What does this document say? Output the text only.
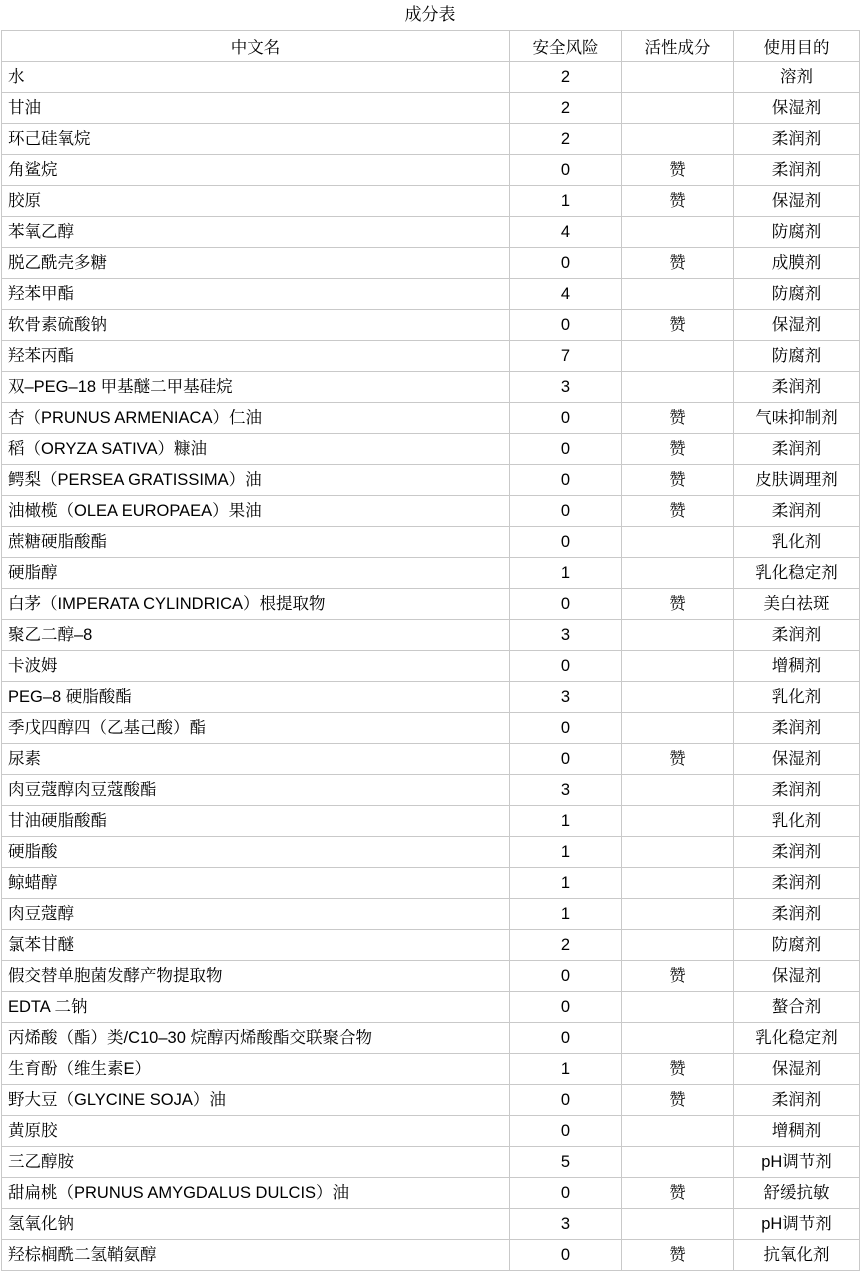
成分表
中文名	安全风险	活性成分	使用目的
水	2		溶剂
甘油	2		保湿剂
环己硅氧烷	2		柔润剂
角鲨烷	0	赞	柔润剂
胶原	1	赞	保湿剂
苯氧乙醇	4		防腐剂
脱乙酰壳多糖	0	赞	成膜剂
羟苯甲酯	4		防腐剂
软骨素硫酸钠	0	赞	保湿剂
羟苯丙酯	7		防腐剂
双–PEG–18 甲基醚二甲基硅烷	3		柔润剂
杏（PRUNUS ARMENIACA）仁油	0	赞	气味抑制剂
稻（ORYZA SATIVA）糠油	0	赞	柔润剂
鳄梨（PERSEA GRATISSIMA）油	0	赞	皮肤调理剂
油橄榄（OLEA EUROPAEA）果油	0	赞	柔润剂
蔗糖硬脂酸酯	0		乳化剂
硬脂醇	1		乳化稳定剂
白茅（IMPERATA CYLINDRICA）根提取物	0	赞	美白祛斑
聚乙二醇–8	3		柔润剂
卡波姆	0		增稠剂
PEG–8 硬脂酸酯	3		乳化剂
季戊四醇四（乙基己酸）酯	0		柔润剂
尿素	0	赞	保湿剂
肉豆蔻醇肉豆蔻酸酯	3		柔润剂
甘油硬脂酸酯	1		乳化剂
硬脂酸	1		柔润剂
鲸蜡醇	1		柔润剂
肉豆蔻醇	1		柔润剂
氯苯甘醚	2		防腐剂
假交替单胞菌发酵产物提取物	0	赞	保湿剂
EDTA 二钠	0		螯合剂
丙烯酸（酯）类/C10–30 烷醇丙烯酸酯交联聚合物	0		乳化稳定剂
生育酚（维生素E）	1	赞	保湿剂
野大豆（GLYCINE SOJA）油	0	赞	柔润剂
黄原胶	0		增稠剂
三乙醇胺	5		pH调节剂
甜扁桃（PRUNUS AMYGDALUS DULCIS）油	0	赞	舒缓抗敏
氢氧化钠	3		pH调节剂
羟棕榈酰二氢鞘氨醇	0	赞	抗氧化剂
